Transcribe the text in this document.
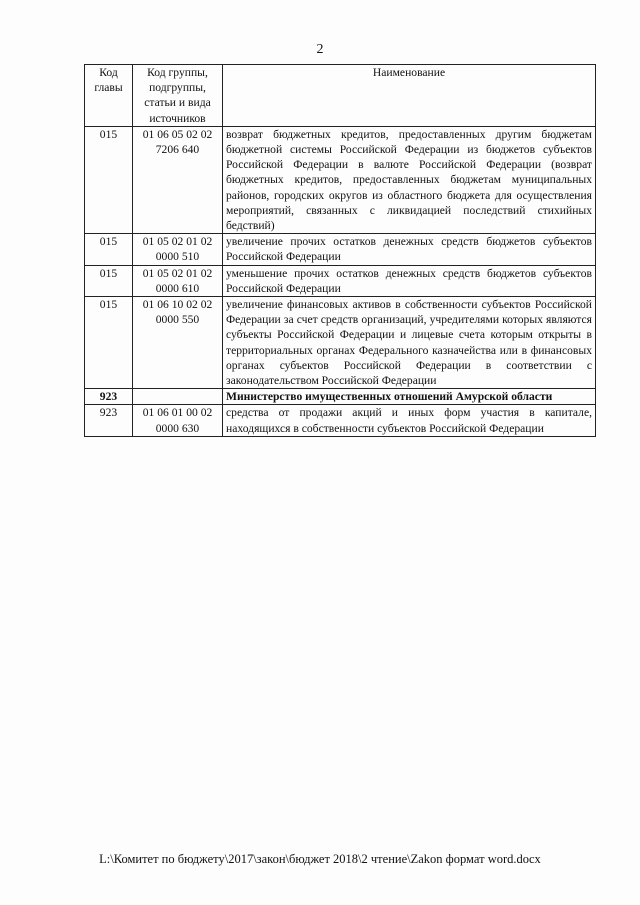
2
Код главы	Код группы, подгруппы, статьи и вида источников	Наименование
015	01 06 05 02 02 7206 640	возврат бюджетных кредитов, предоставленных другим бюджетам бюджетной системы Российской Федерации из бюджетов субъектов Российской Федерации в валюте Российской Федерации (возврат бюджетных кредитов, предоставленных бюджетам муниципальных районов, городских округов из областного бюджета для осуществления мероприятий, связанных с ликвидацией последствий стихийных бедствий)
015	01 05 02 01 02 0000 510	увеличение прочих остатков денежных средств бюджетов субъектов Российской Федерации
015	01 05 02 01 02 0000 610	уменьшение прочих остатков денежных средств бюджетов субъектов Российской Федерации
015	01 06 10 02 02 0000 550	увеличение финансовых активов в собственности субъектов Российской Федерации за счет средств организаций, учредителями которых являются субъекты Российской Федерации и лицевые счета которым открыты в территориальных органах Федерального казначейства или в финансовых органах субъектов Российской Федерации в соответствии с законодательством Российской Федерации
923		Министерство имущественных отношений Амурской области
923	01 06 01 00 02 0000 630	средства от продажи акций и иных форм участия в капитале, находящихся в собственности субъектов Российской Федерации
L:\Комитет по бюджету\2017\закон\бюджет 2018\2 чтение\Zakon формат word.docx
